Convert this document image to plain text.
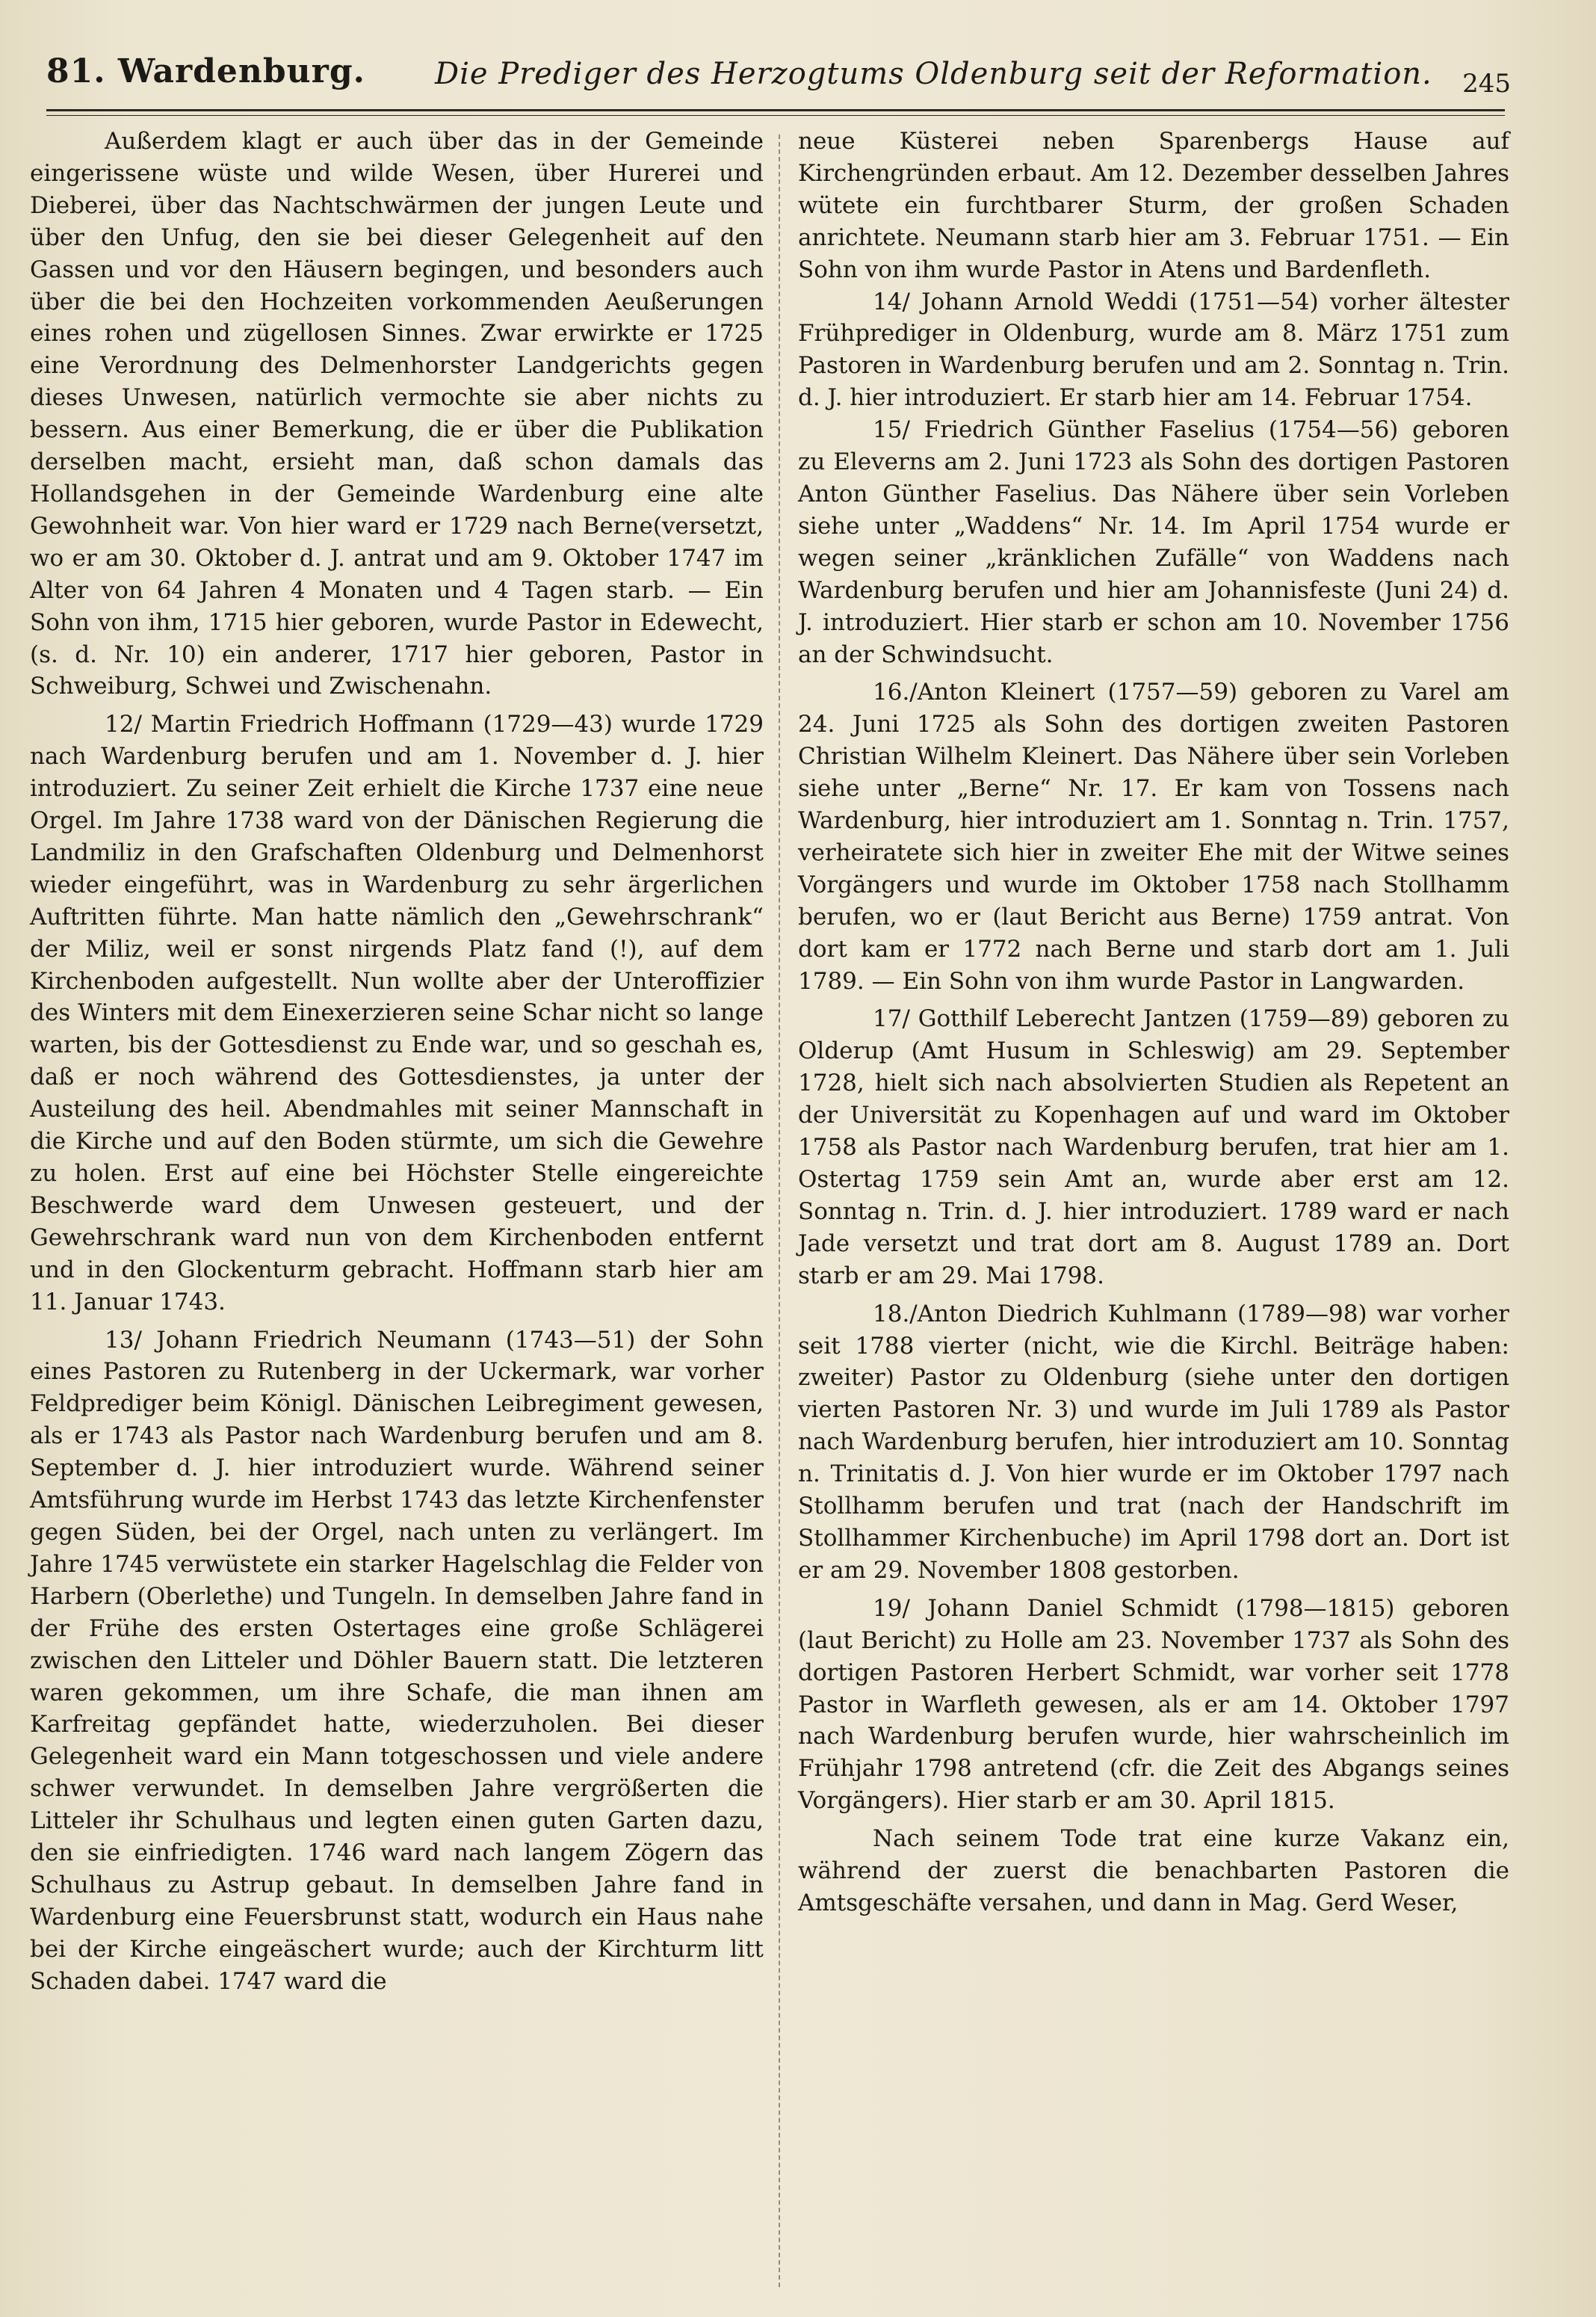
81. Wardenburg. Die Prediger des Herzogtums Oldenburg seit der Reformation. 245

Außerdem klagt er auch über das in der Gemeinde eingerissene wüste und wilde Wesen, über Hurerei und Dieberei, über das Nachtschwärmen der jungen Leute und über den Unfug, den sie bei dieser Gelegenheit auf den Gassen und vor den Häusern begingen, und besonders auch über die bei den Hochzeiten vorkommenden Aeußerungen eines rohen und zügellosen Sinnes. Zwar erwirkte er 1725 eine Verordnung des Delmenhorster Landgerichts gegen dieses Unwesen, natürlich vermochte sie aber nichts zu bessern. Aus einer Bemerkung, die er über die Publikation derselben macht, ersieht man, daß schon damals das Hollandsgehen in der Gemeinde Wardenburg eine alte Gewohnheit war. Von hier ward er 1729 nach Berne(versetzt, wo er am 30. Oktober d. J. antrat und am 9. Oktober 1747 im Alter von 64 Jahren 4 Monaten und 4 Tagen starb. — Ein Sohn von ihm, 1715 hier geboren, wurde Pastor in Edewecht, (s. d. Nr. 10) ein anderer, 1717 hier geboren, Pastor in Schweiburg, Schwei und Zwischenahn.

12/ Martin Friedrich Hoffmann (1729—43) wurde 1729 nach Wardenburg berufen und am 1. November d. J. hier introduziert. Zu seiner Zeit erhielt die Kirche 1737 eine neue Orgel. Im Jahre 1738 ward von der Dänischen Regierung die Landmiliz in den Grafschaften Oldenburg und Delmenhorst wieder eingeführt, was in Wardenburg zu sehr ärgerlichen Auftritten führte. Man hatte nämlich den „Gewehrschrank“ der Miliz, weil er sonst nirgends Platz fand (!), auf dem Kirchenboden aufgestellt. Nun wollte aber der Unteroffizier des Winters mit dem Einexerzieren seine Schar nicht so lange warten, bis der Gottesdienst zu Ende war, und so geschah es, daß er noch während des Gottesdienstes, ja unter der Austeilung des heil. Abendmahles mit seiner Mannschaft in die Kirche und auf den Boden stürmte, um sich die Gewehre zu holen. Erst auf eine bei Höchster Stelle eingereichte Beschwerde ward dem Unwesen gesteuert, und der Gewehrschrank ward nun von dem Kirchenboden entfernt und in den Glockenturm gebracht. Hoffmann starb hier am 11. Januar 1743.

13/ Johann Friedrich Neumann (1743—51) der Sohn eines Pastoren zu Rutenberg in der Uckermark, war vorher Feldprediger beim Königl. Dänischen Leibregiment gewesen, als er 1743 als Pastor nach Wardenburg berufen und am 8. September d. J. hier introduziert wurde. Während seiner Amtsführung wurde im Herbst 1743 das letzte Kirchenfenster gegen Süden, bei der Orgel, nach unten zu verlängert. Im Jahre 1745 verwüstete ein starker Hagelschlag die Felder von Harbern (Oberlethe) und Tungeln. In demselben Jahre fand in der Frühe des ersten Ostertages eine große Schlägerei zwischen den Litteler und Döhler Bauern statt. Die letzteren waren gekommen, um ihre Schafe, die man ihnen am Karfreitag gepfändet hatte, wiederzuholen. Bei dieser Gelegenheit ward ein Mann totgeschossen und viele andere schwer verwundet. In demselben Jahre vergrößerten die Litteler ihr Schulhaus und legten einen guten Garten dazu, den sie einfriedigten. 1746 ward nach langem Zögern das Schulhaus zu Astrup gebaut. In demselben Jahre fand in Wardenburg eine Feuersbrunst statt, wodurch ein Haus nahe bei der Kirche eingeäschert wurde; auch der Kirchturm litt Schaden dabei. 1747 ward die

neue Küsterei neben Sparenbergs Hause auf Kirchengründen erbaut. Am 12. Dezember desselben Jahres wütete ein furchtbarer Sturm, der großen Schaden anrichtete. Neumann starb hier am 3. Februar 1751. — Ein Sohn von ihm wurde Pastor in Atens und Bardenfleth.

14/ Johann Arnold Weddi (1751—54) vorher ältester Frühprediger in Oldenburg, wurde am 8. März 1751 zum Pastoren in Wardenburg berufen und am 2. Sonntag n. Trin. d. J. hier introduziert. Er starb hier am 14. Februar 1754.

15/ Friedrich Günther Faselius (1754—56) geboren zu Eleverns am 2. Juni 1723 als Sohn des dortigen Pastoren Anton Günther Faselius. Das Nähere über sein Vorleben siehe unter „Waddens“ Nr. 14. Im April 1754 wurde er wegen seiner „kränklichen Zufälle“ von Waddens nach Wardenburg berufen und hier am Johannisfeste (Juni 24) d. J. introduziert. Hier starb er schon am 10. November 1756 an der Schwindsucht.

16./Anton Kleinert (1757—59) geboren zu Varel am 24. Juni 1725 als Sohn des dortigen zweiten Pastoren Christian Wilhelm Kleinert. Das Nähere über sein Vorleben siehe unter „Berne“ Nr. 17. Er kam von Tossens nach Wardenburg, hier introduziert am 1. Sonntag n. Trin. 1757, verheiratete sich hier in zweiter Ehe mit der Witwe seines Vorgängers und wurde im Oktober 1758 nach Stollhamm berufen, wo er (laut Bericht aus Berne) 1759 antrat. Von dort kam er 1772 nach Berne und starb dort am 1. Juli 1789. — Ein Sohn von ihm wurde Pastor in Langwarden.

17/ Gotthilf Leberecht Jantzen (1759—89) geboren zu Olderup (Amt Husum in Schleswig) am 29. September 1728, hielt sich nach absolvierten Studien als Repetent an der Universität zu Kopenhagen auf und ward im Oktober 1758 als Pastor nach Wardenburg berufen, trat hier am 1. Ostertag 1759 sein Amt an, wurde aber erst am 12. Sonntag n. Trin. d. J. hier introduziert. 1789 ward er nach Jade versetzt und trat dort am 8. August 1789 an. Dort starb er am 29. Mai 1798.

18./Anton Diedrich Kuhlmann (1789—98) war vorher seit 1788 vierter (nicht, wie die Kirchl. Beiträge haben: zweiter) Pastor zu Oldenburg (siehe unter den dortigen vierten Pastoren Nr. 3) und wurde im Juli 1789 als Pastor nach Wardenburg berufen, hier introduziert am 10. Sonntag n. Trinitatis d. J. Von hier wurde er im Oktober 1797 nach Stollhamm berufen und trat (nach der Handschrift im Stollhammer Kirchenbuche) im April 1798 dort an. Dort ist er am 29. November 1808 gestorben.

19/ Johann Daniel Schmidt (1798—1815) geboren (laut Bericht) zu Holle am 23. November 1737 als Sohn des dortigen Pastoren Herbert Schmidt, war vorher seit 1778 Pastor in Warfleth gewesen, als er am 14. Oktober 1797 nach Wardenburg berufen wurde, hier wahrscheinlich im Frühjahr 1798 antretend (cfr. die Zeit des Abgangs seines Vorgängers). Hier starb er am 30. April 1815.

Nach seinem Tode trat eine kurze Vakanz ein, während der zuerst die benachbarten Pastoren die Amtsgeschäfte versahen, und dann in Mag. Gerd Weser,
